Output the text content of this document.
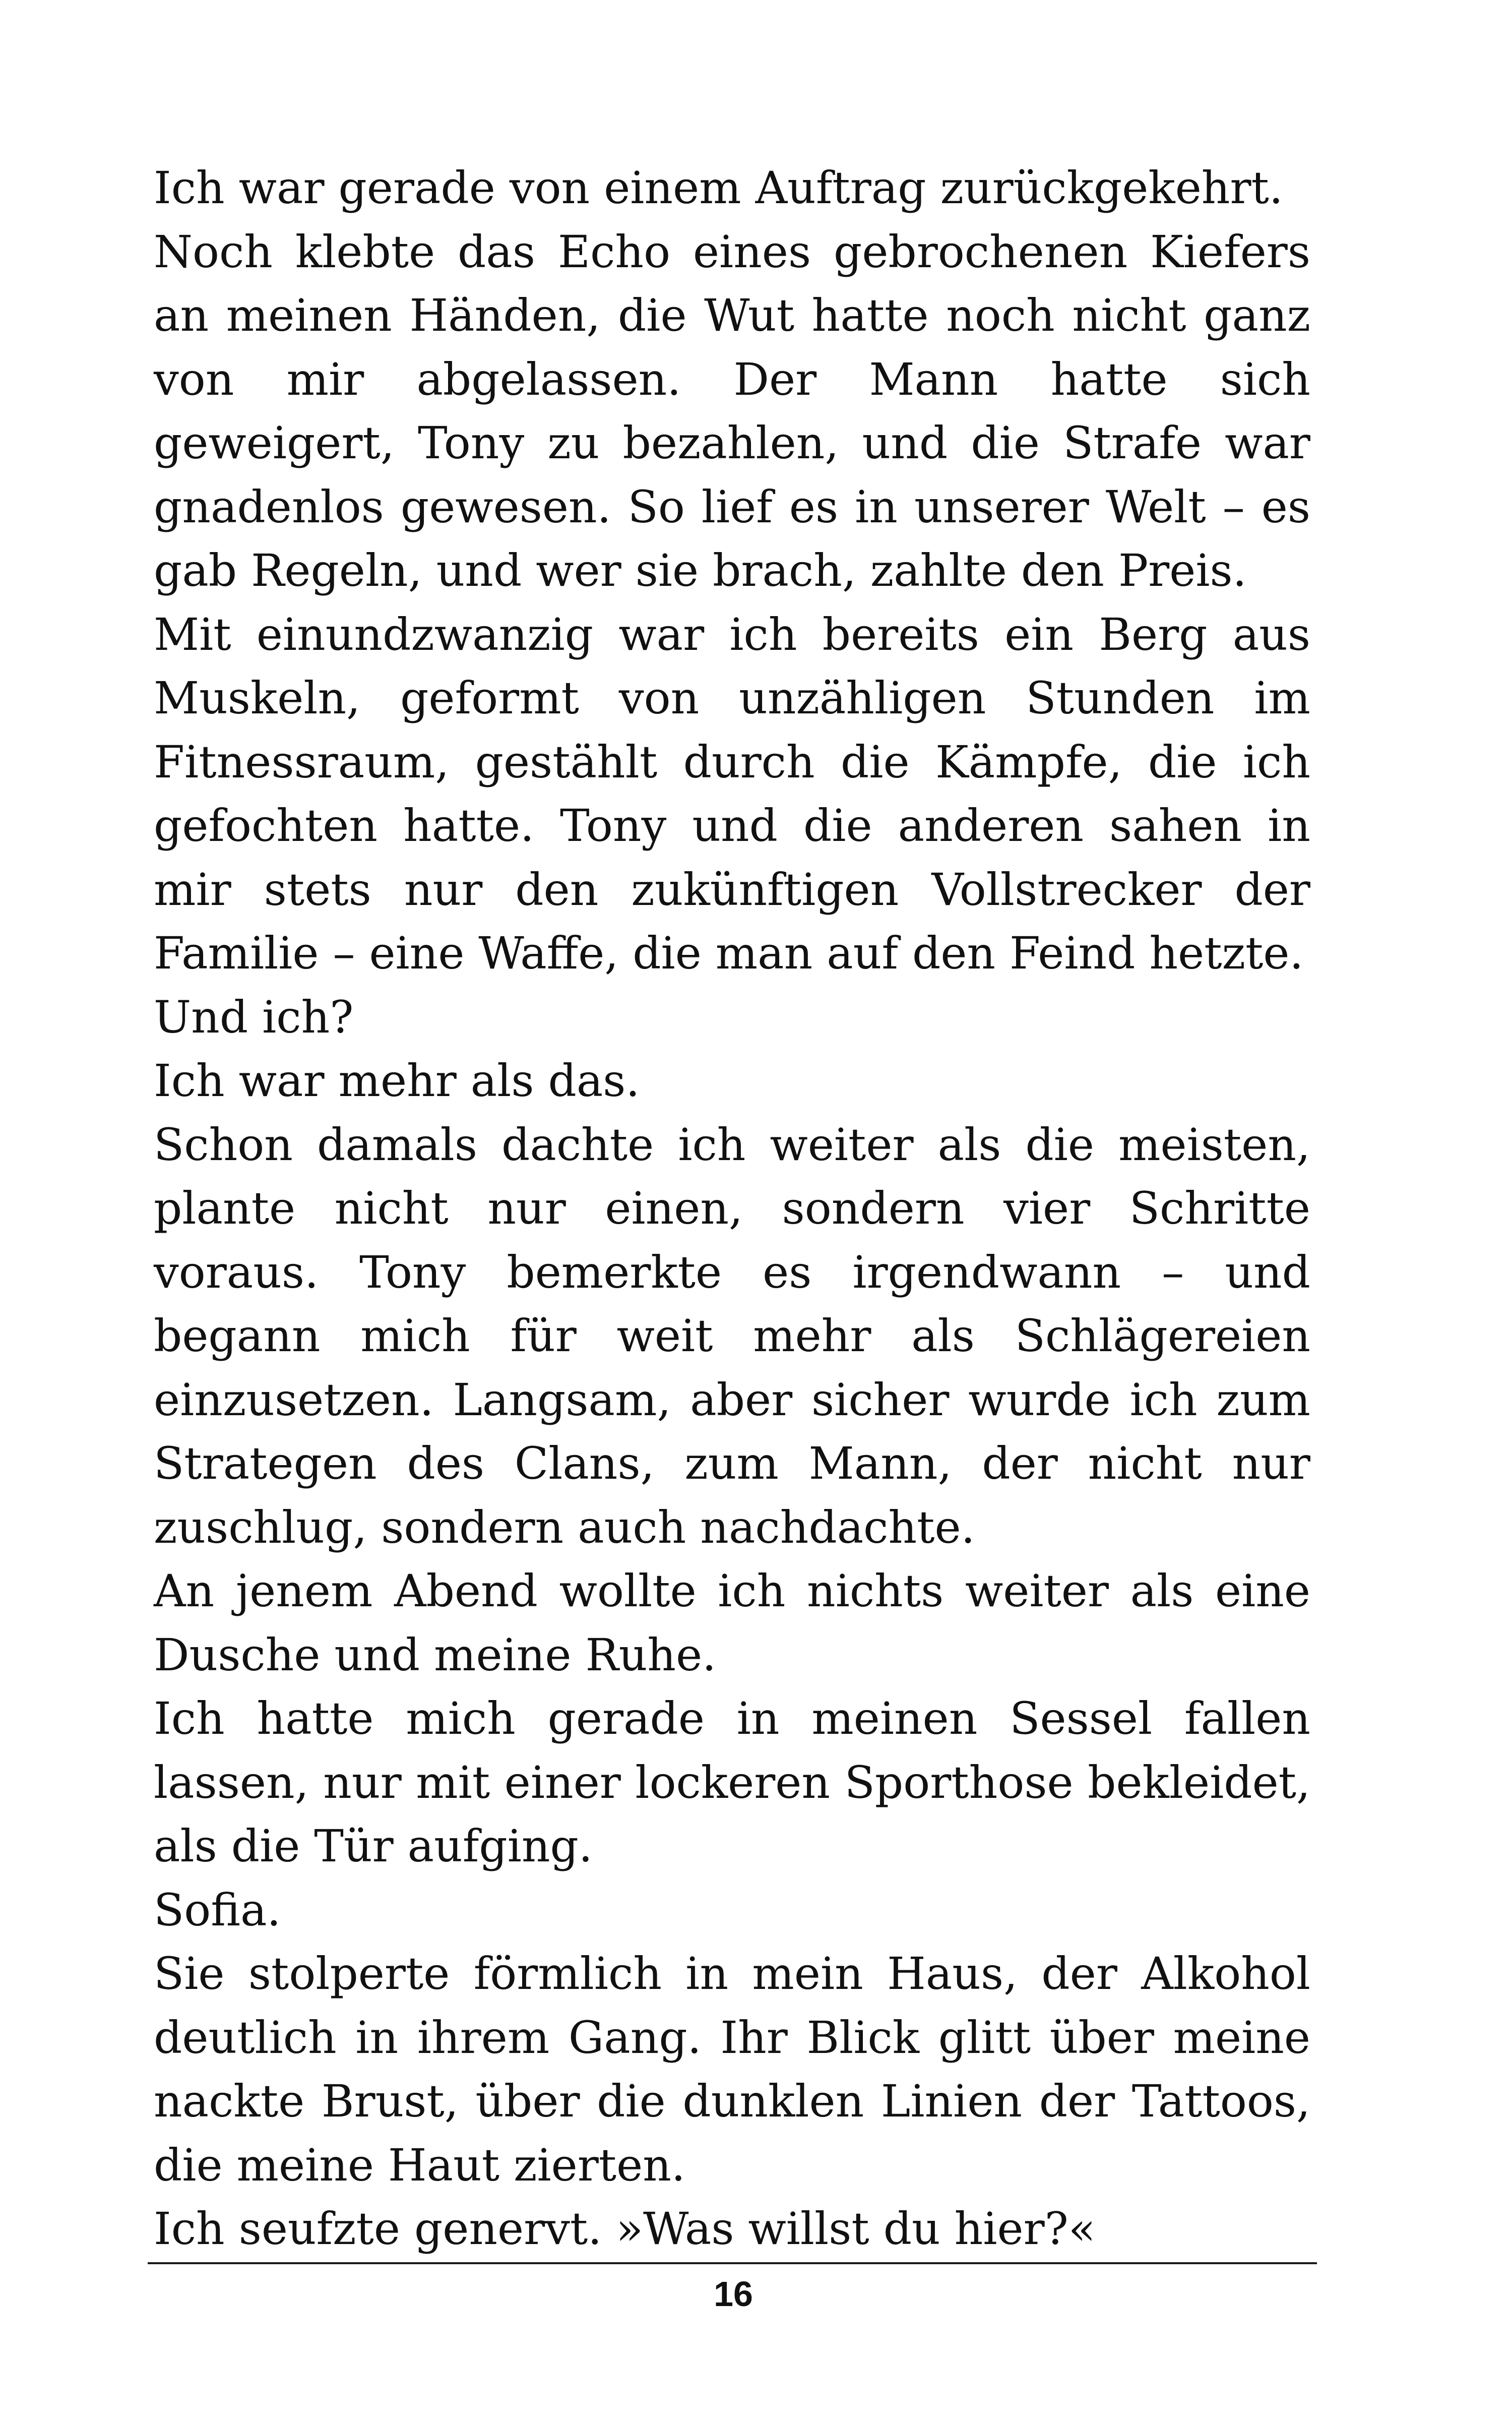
Ich war gerade von einem Auftrag zurückgekehrt.

Noch klebte das Echo eines gebrochenen Kiefers an meinen Händen, die Wut hatte noch nicht ganz von mir abgelassen. Der Mann hatte sich geweigert, Tony zu bezahlen, und die Strafe war gnadenlos gewesen. So lief es in unserer Welt – es gab Regeln, und wer sie brach, zahlte den Preis.

Mit einundzwanzig war ich bereits ein Berg aus Muskeln, geformt von unzähligen Stunden im Fitnessraum, gestählt durch die Kämpfe, die ich gefochten hatte. Tony und die anderen sahen in mir stets nur den zukünftigen Vollstrecker der Familie – eine Waffe, die man auf den Feind hetzte.

Und ich?

Ich war mehr als das.

Schon damals dachte ich weiter als die meisten, plante nicht nur einen, sondern vier Schritte voraus. Tony bemerkte es irgendwann – und begann mich für weit mehr als Schlägereien einzusetzen. Langsam, aber sicher wurde ich zum Strategen des Clans, zum Mann, der nicht nur zuschlug, sondern auch nachdachte.

An jenem Abend wollte ich nichts weiter als eine Dusche und meine Ruhe.

Ich hatte mich gerade in meinen Sessel fallen lassen, nur mit einer lockeren Sporthose bekleidet, als die Tür aufging.

Sofia.

Sie stolperte förmlich in mein Haus, der Alkohol deutlich in ihrem Gang. Ihr Blick glitt über meine nackte Brust, über die dunklen Linien der Tattoos, die meine Haut zierten.

Ich seufzte genervt. »Was willst du hier?«

16
